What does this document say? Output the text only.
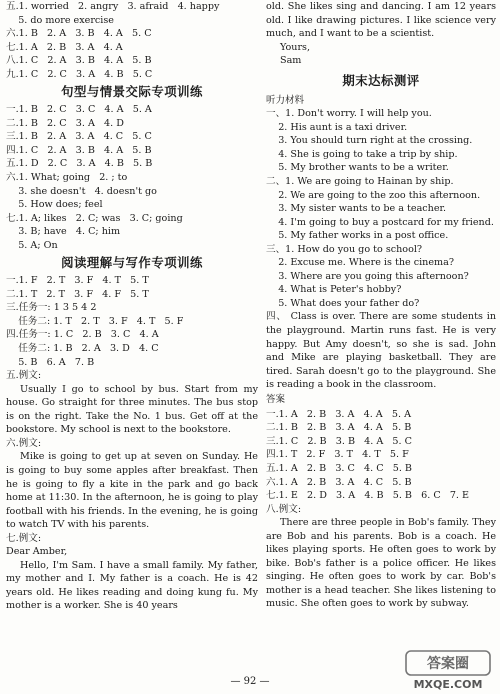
五.1. worried   2. angry   3. afraid   4. happy
5. do more exercise
六.1. B   2. A   3. B   4. A   5. C
七.1. A   2. B   3. A   4. A
八.1. C   2. A   3. B   4. A   5. B
九.1. C   2. C   3. A   4. B   5. C
句型与情景交际专项训练
一.1. B   2. C   3. C   4. A   5. A
二.1. B   2. C   3. A   4. D
三.1. B   2. A   3. A   4. C   5. C
四.1. C   2. A   3. B   4. A   5. B
五.1. D   2. C   3. A   4. B   5. B
六.1. What; going   2. ; to
3. she doesn't   4. doesn't go
5. How does; feel
七.1. A; likes   2. C; was   3. C; going
3. B; have   4. C; him
5. A; On
阅读理解与写作专项训练
一.1. F   2. T   3. F   4. T   5. T
二.1. T   2. T   3. F   4. F   5. T
三.任务一: 1 3 5 4 2
任务二: 1. T   2. T   3. F   4. T   5. F
四.任务一: 1. C   2. B   3. C   4. A
任务二: 1. B   2. A   3. D   4. C
5. B   6. A   7. B
五.例文:
Usually I go to school by bus. Start from my house. Go straight for three minutes. The bus stop is on the right. Take the No. 1 bus. Get off at the bookstore. My school is next to the bookstore.
六.例文:
Mike is going to get up at seven on Sunday. He is going to buy some apples after breakfast. Then he is going to fly a kite in the park and go back home at 11:30. In the afternoon, he is going to play football with his friends. In the evening, he is going to watch TV with his parents.
七.例文:
Dear Amber,
Hello, I'm Sam. I have a small family. My father, my mother and I. My father is a coach. He is 42 years old. He likes reading and doing kung fu. My mother is a worker. She is 40 years
old. She likes sing and dancing. I am 12 years old. I like drawing pictures. I like science very much, and I want to be a scientist.
Yours,
Sam
期末达标测评
听力材料
一、1. Don't worry. I will help you.
2. His aunt is a taxi driver.
3. You should turn right at the crossing.
4. She is going to take a trip by ship.
5. My brother wants to be a writer.
二、1. We are going to Hainan by ship.
2. We are going to the zoo this afternoon.
3. My sister wants to be a teacher.
4. I'm going to buy a postcard for my friend.
5. My father works in a post office.
三、1. How do you go to school?
2. Excuse me. Where is the cinema?
3. Where are you going this afternoon?
4. What is Peter's hobby?
5. What does your father do?
四、 Class is over. There are some students in the playground. Martin runs fast. He is very happy. But Amy doesn't, so she is sad. John and Mike are playing basketball. They are tired. Sarah doesn't go to the playground. She is reading a book in the classroom.
答案
一.1. A   2. B   3. A   4. A   5. A
二.1. B   2. B   3. A   4. A   5. B
三.1. C   2. B   3. B   4. A   5. C
四.1. T   2. F   3. T   4. T   5. F
五.1. A   2. B   3. C   4. C   5. B
六.1. A   2. B   3. A   4. C   5. B
七.1. E   2. D   3. A   4. B   5. B   6. C   7. E
八.例文:
There are three people in Bob's family. They are Bob and his parents. Bob is a coach. He likes playing sports. He often goes to work by bike. Bob's father is a police officer. He likes singing. He often goes to work by car. Bob's mother is a head teacher. She likes listening to music. She often goes to work by subway.
— 92 —
答案圈
MXQE.COM
